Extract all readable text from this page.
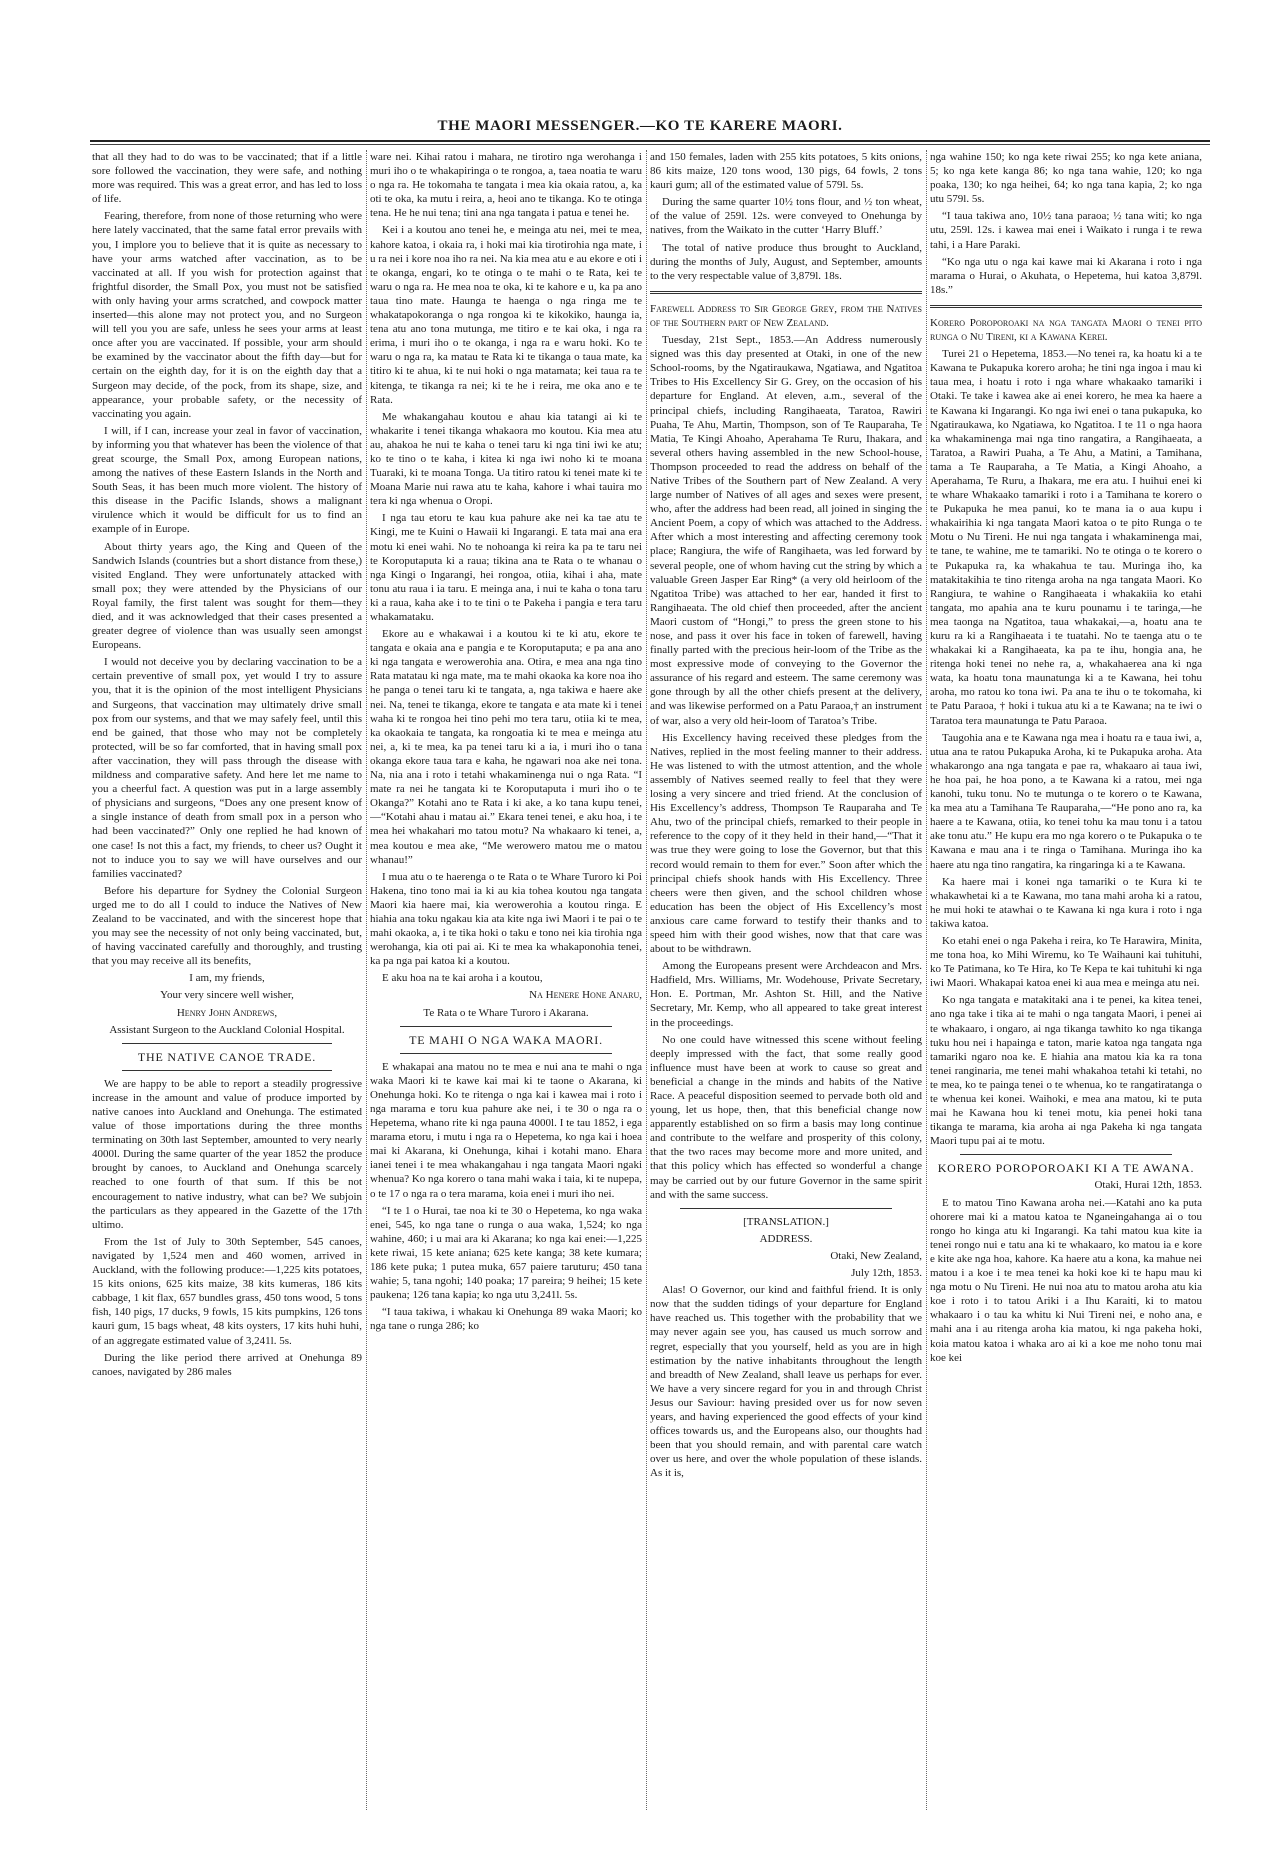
THE MAORI MESSENGER.—KO TE KARERE MAORI.

that all they had to do was to be vaccinated; that if a little sore followed the vaccination, they were safe, and nothing more was required. This was a great error, and has led to loss of life.

Fearing, therefore, from none of those returning who were here lately vaccinated, that the same fatal error prevails with you, I implore you to believe that it is quite as necessary to have your arms watched after vaccination, as to be vaccinated at all. If you wish for protection against that frightful disorder, the Small Pox, you must not be satisfied with only having your arms scratched, and cowpock matter inserted—this alone may not protect you, and no Surgeon will tell you you are safe, unless he sees your arms at least once after you are vaccinated. If possible, your arm should be examined by the vaccinator about the fifth day—but for certain on the eighth day, for it is on the eighth day that a Surgeon may decide, of the pock, from its shape, size, and appearance, your probable safety, or the necessity of vaccinating you again.

I will, if I can, increase your zeal in favor of vaccination, by informing you that whatever has been the violence of that great scourge, the Small Pox, among European nations, among the natives of these Eastern Islands in the North and South Seas, it has been much more violent. The history of this disease in the Pacific Islands, shows a malignant virulence which it would be difficult for us to find an example of in Europe.

About thirty years ago, the King and Queen of the Sandwich Islands (countries but a short distance from these,) visited England. They were unfortunately attacked with small pox; they were attended by the Physicians of our Royal family, the first talent was sought for them—they died, and it was acknowledged that their cases presented a greater degree of violence than was usually seen amongst Europeans.

I would not deceive you by declaring vaccination to be a certain preventive of small pox, yet would I try to assure you, that it is the opinion of the most intelligent Physicians and Surgeons, that vaccination may ultimately drive small pox from our systems, and that we may safely feel, until this end be gained, that those who may not be completely protected, will be so far comforted, that in having small pox after vaccination, they will pass through the disease with mildness and comparative safety. And here let me name to you a cheerful fact. A question was put in a large assembly of physicians and surgeons, “Does any one present know of a single instance of death from small pox in a person who had been vaccinated?” Only one replied he had known of one case! Is not this a fact, my friends, to cheer us? Ought it not to induce you to say we will have ourselves and our families vaccinated?

Before his departure for Sydney the Colonial Surgeon urged me to do all I could to induce the Natives of New Zealand to be vaccinated, and with the sincerest hope that you may see the necessity of not only being vaccinated, but, of having vaccinated carefully and thoroughly, and trusting that you may receive all its benefits,

I am, my friends,

Your very sincere well wisher,

Henry John Andrews,

Assistant Surgeon to the Auckland Colonial Hospital.

THE NATIVE CANOE TRADE.

We are happy to be able to report a steadily progressive increase in the amount and value of produce imported by native canoes into Auckland and Onehunga. The estimated value of those importations during the three months terminating on 30th last September, amounted to very nearly 4000l. During the same quarter of the year 1852 the produce brought by canoes, to Auckland and Onehunga scarcely reached to one fourth of that sum. If this be not encouragement to native industry, what can be? We subjoin the particulars as they appeared in the Gazette of the 17th ultimo.

From the 1st of July to 30th September, 545 canoes, navigated by 1,524 men and 460 women, arrived in Auckland, with the following produce:—1,225 kits potatoes, 15 kits onions, 625 kits maize, 38 kits kumeras, 186 kits cabbage, 1 kit flax, 657 bundles grass, 450 tons wood, 5 tons fish, 140 pigs, 17 ducks, 9 fowls, 15 kits pumpkins, 126 tons kauri gum, 15 bags wheat, 48 kits oysters, 17 kits huhi huhi, of an aggregate estimated value of 3,241l. 5s.

During the like period there arrived at Onehunga 89 canoes, navigated by 286 males

ware nei. Kihai ratou i mahara, ne tirotiro nga werohanga i muri iho o te whakapiringa o te rongoa, a, taea noatia te waru o nga ra. He tokomaha te tangata i mea kia okaia ratou, a, ka oti te oka, ka mutu i reira, a, heoi ano te tikanga. Ko te otinga tena. He he nui tena; tini ana nga tangata i patua e tenei he.

Kei i a koutou ano tenei he, e meinga atu nei, mei te mea, kahore katoa, i okaia ra, i hoki mai kia tirotirohia nga mate, i u ra nei i kore noa iho ra nei. Na kia mea atu e au ekore e oti i te okanga, engari, ko te otinga o te mahi o te Rata, kei te waru o nga ra. He mea noa te oka, ki te kahore e u, ka pa ano taua tino mate. Haunga te haenga o nga ringa me te whakatapokoranga o nga rongoa ki te kikokiko, haunga ia, tena atu ano tona mutunga, me titiro e te kai oka, i nga ra erima, i muri iho o te okanga, i nga ra e waru hoki. Ko te waru o nga ra, ka matau te Rata ki te tikanga o taua mate, ka titiro ki te ahua, ki te nui hoki o nga matamata; kei taua ra te kitenga, te tikanga ra nei; ki te he i reira, me oka ano e te Rata.

Me whakangahau koutou e ahau kia tatangi ai ki te whakarite i tenei tikanga whakaora mo koutou. Kia mea atu au, ahakoa he nui te kaha o tenei taru ki nga tini iwi ke atu; ko te tino o te kaha, i kitea ki nga iwi noho ki te moana Tuaraki, ki te moana Tonga. Ua titiro ratou ki tenei mate ki te Moana Marie nui rawa atu te kaha, kahore i whai tauira mo tera ki nga whenua o Oropi.

I nga tau etoru te kau kua pahure ake nei ka tae atu te Kingi, me te Kuini o Hawaii ki Ingarangi. E tata mai ana era motu ki enei wahi. No te nohoanga ki reira ka pa te taru nei te Koroputaputa ki a raua; tikina ana te Rata o te whanau o nga Kingi o Ingarangi, hei rongoa, otiia, kihai i aha, mate tonu atu raua i ia taru. E meinga ana, i nui te kaha o tona taru ki a raua, kaha ake i to te tini o te Pakeha i pangia e tera taru whakamataku.

Ekore au e whakawai i a koutou ki te ki atu, ekore te tangata e okaia ana e pangia e te Koroputaputa; e pa ana ano ki nga tangata e werowerohia ana. Otira, e mea ana nga tino Rata matatau ki nga mate, ma te mahi okaoka ka kore noa iho he panga o tenei taru ki te tangata, a, nga takiwa e haere ake nei. Na, tenei te tikanga, ekore te tangata e ata mate ki i tenei waha ki te rongoa hei tino pehi mo tera taru, otiia ki te mea, ka okaokaia te tangata, ka rongoatia ki te mea e meinga atu nei, a, ki te mea, ka pa tenei taru ki a ia, i muri iho o tana okanga ekore taua tara e kaha, he ngawari noa ake nei tona. Na, nia ana i roto i tetahi whakaminenga nui o nga Rata. “I mate ra nei he tangata ki te Koroputaputa i muri iho o te Okanga?” Kotahi ano te Rata i ki ake, a ko tana kupu tenei,—“Kotahi ahau i matau ai.” Ekara tenei tenei, e aku hoa, i te mea hei whakahari mo tatou motu? Na whakaaro ki tenei, a, mea koutou e mea ake, “Me werowero matou me o matou whanau!”

I mua atu o te haerenga o te Rata o te Whare Turoro ki Poi Hakena, tino tono mai ia ki au kia tohea koutou nga tangata Maori kia haere mai, kia werowerohia a koutou ringa. E hiahia ana toku ngakau kia ata kite nga iwi Maori i te pai o te mahi okaoka, a, i te tika hoki o taku e tono nei kia tirohia nga werohanga, kia oti pai ai. Ki te mea ka whakaponohia tenei, ka pa nga pai katoa ki a koutou.

E aku hoa na te kai aroha i a koutou,

Na Henere Hone Anaru,

Te Rata o te Whare Turoro i Akarana.

TE MAHI O NGA WAKA MAORI.

E whakapai ana matou no te mea e nui ana te mahi o nga waka Maori ki te kawe kai mai ki te taone o Akarana, ki Onehunga hoki. Ko te ritenga o nga kai i kawea mai i roto i nga marama e toru kua pahure ake nei, i te 30 o nga ra o Hepetema, whano rite ki nga pauna 4000l. I te tau 1852, i ega marama etoru, i mutu i nga ra o Hepetema, ko nga kai i hoea mai ki Akarana, ki Onehunga, kihai i kotahi mano. Ehara ianei tenei i te mea whakangahau i nga tangata Maori ngaki whenua? Ko nga korero o tana mahi waka i taia, ki te nupepa, o te 17 o nga ra o tera marama, koia enei i muri iho nei.

“I te 1 o Hurai, tae noa ki te 30 o Hepetema, ko nga waka enei, 545, ko nga tane o runga o aua waka, 1,524; ko nga wahine, 460; i u mai ara ki Akarana; ko nga kai enei:—1,225 kete riwai, 15 kete aniana; 625 kete kanga; 38 kete kumara; 186 kete puka; 1 putea muka, 657 paiere taruturu; 450 tana wahie; 5, tana ngohi; 140 poaka; 17 pareira; 9 heihei; 15 kete paukena; 126 tana kapia; ko nga utu 3,241l. 5s.

“I taua takiwa, i whakau ki Onehunga 89 waka Maori; ko nga tane o runga 286; ko

and 150 females, laden with 255 kits potatoes, 5 kits onions, 86 kits maize, 120 tons wood, 130 pigs, 64 fowls, 2 tons kauri gum; all of the estimated value of 579l. 5s.

During the same quarter 10½ tons flour, and ½ ton wheat, of the value of 259l. 12s. were conveyed to Onehunga by natives, from the Waikato in the cutter ‘Harry Bluff.’

The total of native produce thus brought to Auckland, during the months of July, August, and September, amounts to the very respectable value of 3,879l. 18s.

Farewell Address to Sir George Grey, from the Natives of the Southern part of New Zealand.

Tuesday, 21st Sept., 1853.—An Address numerously signed was this day presented at Otaki, in one of the new School-rooms, by the Ngatiraukawa, Ngatiawa, and Ngatitoa Tribes to His Excellency Sir G. Grey, on the occasion of his departure for England. At eleven, a.m., several of the principal chiefs, including Rangihaeata, Taratoa, Rawiri Puaha, Te Ahu, Martin, Thompson, son of Te Rauparaha, Te Matia, Te Kingi Ahoaho, Aperahama Te Ruru, Ihakara, and several others having assembled in the new School-house, Thompson proceeded to read the address on behalf of the Native Tribes of the Southern part of New Zealand. A very large number of Natives of all ages and sexes were present, who, after the address had been read, all joined in singing the Ancient Poem, a copy of which was attached to the Address. After which a most interesting and affecting ceremony took place; Rangiura, the wife of Rangihaeta, was led forward by several people, one of whom having cut the string by which a valuable Green Jasper Ear Ring* (a very old heirloom of the Ngatitoa Tribe) was attached to her ear, handed it first to Rangihaeata. The old chief then proceeded, after the ancient Maori custom of “Hongi,” to press the green stone to his nose, and pass it over his face in token of farewell, having finally parted with the precious heir-loom of the Tribe as the most expressive mode of conveying to the Governor the assurance of his regard and esteem. The same ceremony was gone through by all the other chiefs present at the delivery, and was likewise performed on a Patu Paraoa,† an instrument of war, also a very old heir-loom of Taratoa’s Tribe.

His Excellency having received these pledges from the Natives, replied in the most feeling manner to their address. He was listened to with the utmost attention, and the whole assembly of Natives seemed really to feel that they were losing a very sincere and tried friend. At the conclusion of His Excellency’s address, Thompson Te Rauparaha and Te Ahu, two of the principal chiefs, remarked to their people in reference to the copy of it they held in their hand,—“That it was true they were going to lose the Governor, but that this record would remain to them for ever.” Soon after which the principal chiefs shook hands with His Excellency. Three cheers were then given, and the school children whose education has been the object of His Excellency’s most anxious care came forward to testify their thanks and to speed him with their good wishes, now that that care was about to be withdrawn.

Among the Europeans present were Archdeacon and Mrs. Hadfield, Mrs. Williams, Mr. Wodehouse, Private Secretary, Hon. E. Portman, Mr. Ashton St. Hill, and the Native Secretary, Mr. Kemp, who all appeared to take great interest in the proceedings.

No one could have witnessed this scene without feeling deeply impressed with the fact, that some really good influence must have been at work to cause so great and beneficial a change in the minds and habits of the Native Race. A peaceful disposition seemed to pervade both old and young, let us hope, then, that this beneficial change now apparently established on so firm a basis may long continue and contribute to the welfare and prosperity of this colony, that the two races may become more and more united, and that this policy which has effected so wonderful a change may be carried out by our future Governor in the same spirit and with the same success.

[TRANSLATION.]

ADDRESS.

Otaki, New Zealand,

July 12th, 1853.

Alas! O Governor, our kind and faithful friend. It is only now that the sudden tidings of your departure for England have reached us. This together with the probability that we may never again see you, has caused us much sorrow and regret, especially that you yourself, held as you are in high estimation by the native inhabitants throughout the length and breadth of New Zealand, shall leave us perhaps for ever. We have a very sincere regard for you in and through Christ Jesus our Saviour: having presided over us for now seven years, and having experienced the good effects of your kind offices towards us, and the Europeans also, our thoughts had been that you should remain, and with parental care watch over us here, and over the whole population of these islands. As it is,

nga wahine 150; ko nga kete riwai 255; ko nga kete aniana, 5; ko nga kete kanga 86; ko nga tana wahie, 120; ko nga poaka, 130; ko nga heihei, 64; ko nga tana kapia, 2; ko nga utu 579l. 5s.

“I taua takiwa ano, 10½ tana paraoa; ½ tana witi; ko nga utu, 259l. 12s. i kawea mai enei i Waikato i runga i te rewa tahi, i a Hare Paraki.

“Ko nga utu o nga kai kawe mai ki Akarana i roto i nga marama o Hurai, o Akuhata, o Hepetema, hui katoa 3,879l. 18s.”

Korero Poroporoaki na nga tangata Maori o tenei pito runga o Nu Tireni, ki a Kawana Kerei.

Turei 21 o Hepetema, 1853.—No tenei ra, ka hoatu ki a te Kawana te Pukapuka korero aroha; he tini nga ingoa i mau ki taua mea, i hoatu i roto i nga whare whakaako tamariki i Otaki. Te take i kawea ake ai enei korero, he mea ka haere a te Kawana ki Ingarangi. Ko nga iwi enei o tana pukapuka, ko Ngatiraukawa, ko Ngatiawa, ko Ngatitoa. I te 11 o nga haora ka whakaminenga mai nga tino rangatira, a Rangihaeata, a Taratoa, a Rawiri Puaha, a Te Ahu, a Matini, a Tamihana, tama a Te Rauparaha, a Te Matia, a Kingi Ahoaho, a Aperahama, Te Ruru, a Ihakara, me era atu. I huihui enei ki te whare Whakaako tamariki i roto i a Tamihana te korero o te Pukapuka he mea panui, ko te mana ia o aua kupu i whakairihia ki nga tangata Maori katoa o te pito Runga o te Motu o Nu Tireni. He nui nga tangata i whakaminenga mai, te tane, te wahine, me te tamariki. No te otinga o te korero o te Pukapuka ra, ka whakahua te tau. Muringa iho, ka matakitakihia te tino ritenga aroha na nga tangata Maori. Ko Rangiura, te wahine o Rangihaeata i whakakiia ko etahi tangata, mo apahia ana te kuru pounamu i te taringa,—he mea taonga na Ngatitoa, taua whakakai,—a, hoatu ana te kuru ra ki a Rangihaeata i te tuatahi. No te taenga atu o te whakakai ki a Rangihaeata, ka pa te ihu, hongia ana, he ritenga hoki tenei no nehe ra, a, whakahaerea ana ki nga wata, ka hoatu tona maunatunga ki a te Kawana, hei tohu aroha, mo ratou ko tona iwi. Pa ana te ihu o te tokomaha, ki te Patu Paraoa, † hoki i tukua atu ki a te Kawana; na te iwi o Taratoa tera maunatunga te Patu Paraoa.

Taugohia ana e te Kawana nga mea i hoatu ra e taua iwi, a, utua ana te ratou Pukapuka Aroha, ki te Pukapuka aroha. Ata whakarongo ana nga tangata e pae ra, whakaaro ai taua iwi, he hoa pai, he hoa pono, a te Kawana ki a ratou, mei nga kanohi, tuku tonu. No te mutunga o te korero o te Kawana, ka mea atu a Tamihana Te Rauparaha,—“He pono ano ra, ka haere a te Kawana, otiia, ko tenei tohu ka mau tonu i a tatou ake tonu atu.” He kupu era mo nga korero o te Pukapuka o te Kawana e mau ana i te ringa o Tamihana. Muringa iho ka haere atu nga tino rangatira, ka ringaringa ki a te Kawana.

Ka haere mai i konei nga tamariki o te Kura ki te whakawhetai ki a te Kawana, mo tana mahi aroha ki a ratou, he mui hoki te atawhai o te Kawana ki nga kura i roto i nga takiwa katoa.

Ko etahi enei o nga Pakeha i reira, ko Te Harawira, Minita, me tona hoa, ko Mihi Wiremu, ko Te Waihauni kai tuhituhi, ko Te Patimana, ko Te Hira, ko Te Kepa te kai tuhituhi ki nga iwi Maori. Whakapai katoa enei ki aua mea e meinga atu nei.

Ko nga tangata e matakitaki ana i te penei, ka kitea tenei, ano nga take i tika ai te mahi o nga tangata Maori, i penei ai te whakaaro, i ongaro, ai nga tikanga tawhito ko nga tikanga tuku hou nei i hapainga e taton, marie katoa nga tangata nga tamariki ngaro noa ke. E hiahia ana matou kia ka ra tona tenei ranginaria, me tenei mahi whakahoa tetahi ki tetahi, no te mea, ko te painga tenei o te whenua, ko te rangatiratanga o te whenua kei konei. Waihoki, e mea ana matou, ki te puta mai he Kawana hou ki tenei motu, kia penei hoki tana tikanga te marama, kia aroha ai nga Pakeha ki nga tangata Maori tupu pai ai te motu.

KORERO POROPOROAKI KI A TE AWANA.

Otaki, Hurai 12th, 1853.

E to matou Tino Kawana aroha nei.—Katahi ano ka puta ohorere mai ki a matou katoa te Nganeingahanga ai o tou rongo ho kinga atu ki Ingarangi. Ka tahi matou kua kite ia tenei rongo nui e tatu ana ki te whakaaro, ko matou ia e kore e kite ake nga hoa, kahore. Ka haere atu a kona, ka mahue nei matou i a koe i te mea tenei ka hoki koe ki te hapu mau ki nga motu o Nu Tireni. He nui noa atu to matou aroha atu kia koe i roto i to tatou Ariki i a Ihu Karaiti, ki to matou whakaaro i o tau ka whitu ki Nui Tireni nei, e noho ana, e mahi ana i au ritenga aroha kia matou, ki nga pakeha hoki, koia matou katoa i whaka aro ai ki a koe me noho tonu mai koe kei
